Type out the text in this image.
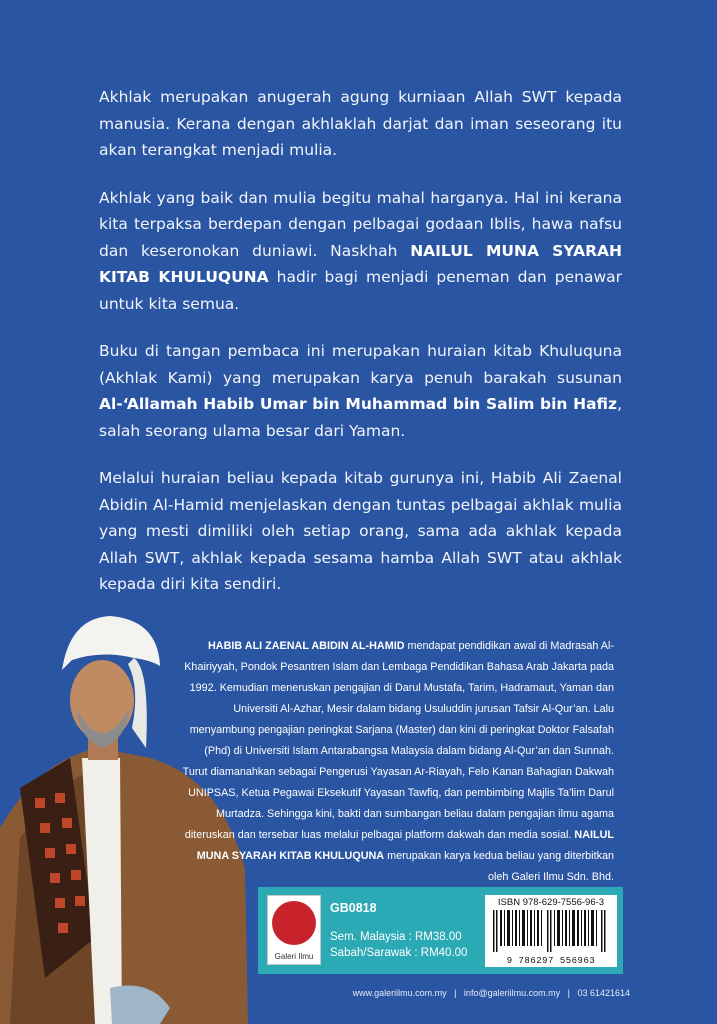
Akhlak merupakan anugerah agung kurniaan Allah SWT kepada manusia. Kerana dengan akhlaklah darjat dan iman seseorang itu akan terangkat menjadi mulia.

Akhlak yang baik dan mulia begitu mahal harganya. Hal ini kerana kita terpaksa berdepan dengan pelbagai godaan Iblis, hawa nafsu dan keseronokan duniawi. Naskhah NAILUL MUNA SYARAH KITAB KHULUQUNA hadir bagi menjadi peneman dan penawar untuk kita semua.

Buku di tangan pembaca ini merupakan huraian kitab Khuluquna (Akhlak Kami) yang merupakan karya penuh barakah susunan Al-‘Allamah Habib Umar bin Muhammad bin Salim bin Hafiz, salah seorang ulama besar dari Yaman.

Melalui huraian beliau kepada kitab gurunya ini, Habib Ali Zaenal Abidin Al-Hamid menjelaskan dengan tuntas pelbagai akhlak mulia yang mesti dimiliki oleh setiap orang, sama ada akhlak kepada Allah SWT, akhlak kepada sesama hamba Allah SWT atau akhlak kepada diri kita sendiri.

HABIB ALI ZAENAL ABIDIN AL-HAMID mendapat pendidikan awal di Madrasah Al-Khairiyyah, Pondok Pesantren Islam dan Lembaga Pendidikan Bahasa Arab Jakarta pada 1992. Kemudian meneruskan pengajian di Darul Mustafa, Tarim, Hadramaut, Yaman dan Universiti Al-Azhar, Mesir dalam bidang Usuluddin jurusan Tafsir Al-Qur’an. Lalu menyambung pengajian peringkat Sarjana (Master) dan kini di peringkat Doktor Falsafah (Phd) di Universiti Islam Antarabangsa Malaysia dalam bidang Al-Qur’an dan Sunnah. Turut diamanahkan sebagai Pengerusi Yayasan Ar-Riayah, Felo Kanan Bahagian Dakwah UNIPSAS, Ketua Pegawai Eksekutif Yayasan Tawfiq, dan pembimbing Majlis Ta’lim Darul Murtadza. Sehingga kini, bakti dan sumbangan beliau dalam pengajian ilmu agama diteruskan dan tersebar luas melalui pelbagai platform dakwah dan media sosial. NAILUL MUNA SYARAH KITAB KHULUQUNA merupakan karya kedua beliau yang diterbitkan oleh Galeri Ilmu Sdn. Bhd.
Galeri Ilmu
GB0818
Sem. Malaysia : RM38.00
Sabah/Sarawak : RM40.00
ISBN 978-629-7556-96-3
9 786297 556963
www.galeriilmu.com.my   |   info@galeriilmu.com.my   |   03 61421614
